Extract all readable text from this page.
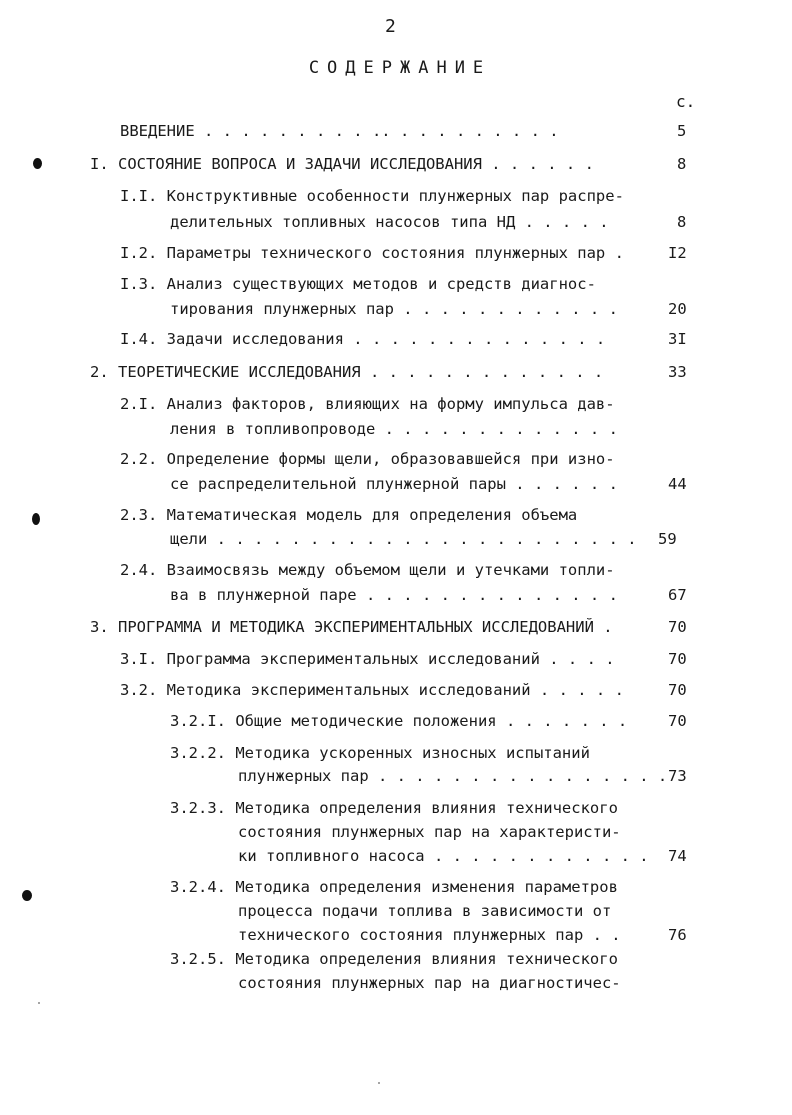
2
СОДЕРЖАНИЕ
с.
ВВЕДЕНИЕ . . . . . . . . . .. . . . . . . . . .	5
I. СОСТОЯНИЕ ВОПРОСА И ЗАДАЧИ ИССЛЕДОВАНИЯ . . . . . .	8
I.I. Конструктивные особенности плунжерных пар распре-
делительных топливных насосов типа НД . . . . .	8
I.2. Параметры технического состояния плунжерных пар .	I2
I.3. Анализ существующих методов и средств диагнос-
тирования плунжерных пар . . . . . . . . . . . .	20
I.4. Задачи исследования . . . . . . . . . . . . . .	3I
2. ТЕОРЕТИЧЕСКИЕ ИССЛЕДОВАНИЯ . . . . . . . . . . . . .	33
2.I. Анализ факторов, влияющих на форму импульса дав-
ления в топливопроводе . . . . . . . . . . . . .
2.2. Определение формы щели, образовавшейся при изно-
се распределительной плунжерной пары . . . . . .	44
2.3. Математическая модель для определения объема
щели . . . . . . . . . . . . . . . . . . . . . . . 59
2.4. Взаимосвязь между объемом щели и утечками топли-
ва в плунжерной паре . . . . . . . . . . . . . .	67
3. ПРОГРАММА И МЕТОДИКА ЭКСПЕРИМЕНТАЛЬНЫХ ИССЛЕДОВАНИЙ .	70
3.I. Программа экспериментальных исследований . . . .	70
3.2. Методика экспериментальных исследований . . . . .	70
3.2.I. Общие методические положения . . . . . . .	70
3.2.2. Методика ускоренных износных испытаний
плунжерных пар . . . . . . . . . . . . . . . . 73
3.2.3. Методика определения влияния технического
состояния плунжерных пар на характеристи-
ки топливного насоса . . . . . . . . . . . . 74
3.2.4. Методика определения изменения параметров
процесса подачи топлива в зависимости от
технического состояния плунжерных пар . .	76
3.2.5. Методика определения влияния технического
состояния плунжерных пар на диагностичес-
